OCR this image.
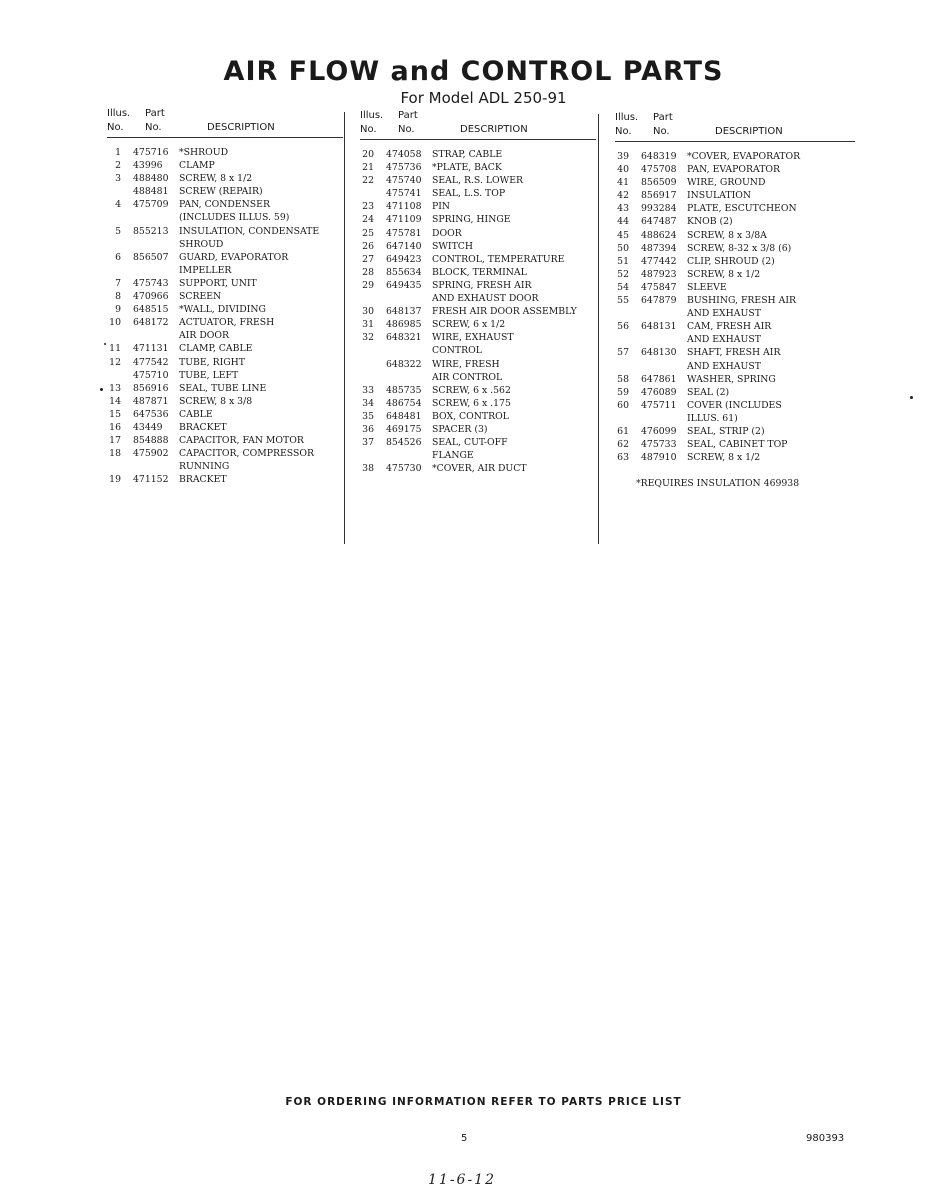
AIR FLOW and CONTROL PARTS
For Model ADL 250-91
Illus. Part
No. No.	DESCRIPTION
1 475716 *SHROUD
2 43996 CLAMP
3 488480 SCREW, 8 x 1/2
488481 SCREW (REPAIR)
4 475709 PAN, CONDENSER
(INCLUDES ILLUS. 59)
5 855213 INSULATION, CONDENSATE
SHROUD
6 856507 GUARD, EVAPORATOR
IMPELLER
7 475743 SUPPORT, UNIT
8 470966 SCREEN
9 648515 *WALL, DIVIDING
10 648172 ACTUATOR, FRESH
AIR DOOR
11 471131 CLAMP, CABLE
12 477542 TUBE, RIGHT
475710 TUBE, LEFT
13 856916 SEAL, TUBE LINE
14 487871 SCREW, 8 x 3/8
15 647536 CABLE
16 43449 BRACKET
17 854888 CAPACITOR, FAN MOTOR
18 475902 CAPACITOR, COMPRESSOR
RUNNING
19 471152 BRACKET
Illus. Part
No. No.	DESCRIPTION
20 474058 STRAP, CABLE
21 475736 *PLATE, BACK
22 475740 SEAL, R.S. LOWER
475741 SEAL, L.S. TOP
23 471108 PIN
24 471109 SPRING, HINGE
25 475781 DOOR
26 647140 SWITCH
27 649423 CONTROL, TEMPERATURE
28 855634 BLOCK, TERMINAL
29 649435 SPRING, FRESH AIR
AND EXHAUST DOOR
30 648137 FRESH AIR DOOR ASSEMBLY
31 486985 SCREW, 6 x 1/2
32 648321 WIRE, EXHAUST
CONTROL
648322 WIRE, FRESH
AIR CONTROL
33 485735 SCREW, 6 x .562
34 486754 SCREW, 6 x .175
35 648481 BOX, CONTROL
36 469175 SPACER (3)
37 854526 SEAL, CUT-OFF
FLANGE
38 475730 *COVER, AIR DUCT
Illus. Part
No. No.	DESCRIPTION
39 648319 *COVER, EVAPORATOR
40 475708 PAN, EVAPORATOR
41 856509 WIRE, GROUND
42 856917 INSULATION
43 993284 PLATE, ESCUTCHEON
44 647487 KNOB (2)
45 488624 SCREW, 8 x 3/8A
50 487394 SCREW, 8-32 x 3/8 (6)
51 477442 CLIP, SHROUD (2)
52 487923 SCREW, 8 x 1/2
54 475847 SLEEVE
55 647879 BUSHING, FRESH AIR
AND EXHAUST
56 648131 CAM, FRESH AIR
AND EXHAUST
57 648130 SHAFT, FRESH AIR
AND EXHAUST
58 647861 WASHER, SPRING
59 476089 SEAL (2)
60 475711 COVER (INCLUDES
ILLUS. 61)
61 476099 SEAL, STRIP (2)
62 475733 SEAL, CABINET TOP
63 487910 SCREW, 8 x 1/2
*REQUIRES INSULATION 469938
FOR ORDERING INFORMATION REFER TO PARTS PRICE LIST
5	980393
11-6-12
